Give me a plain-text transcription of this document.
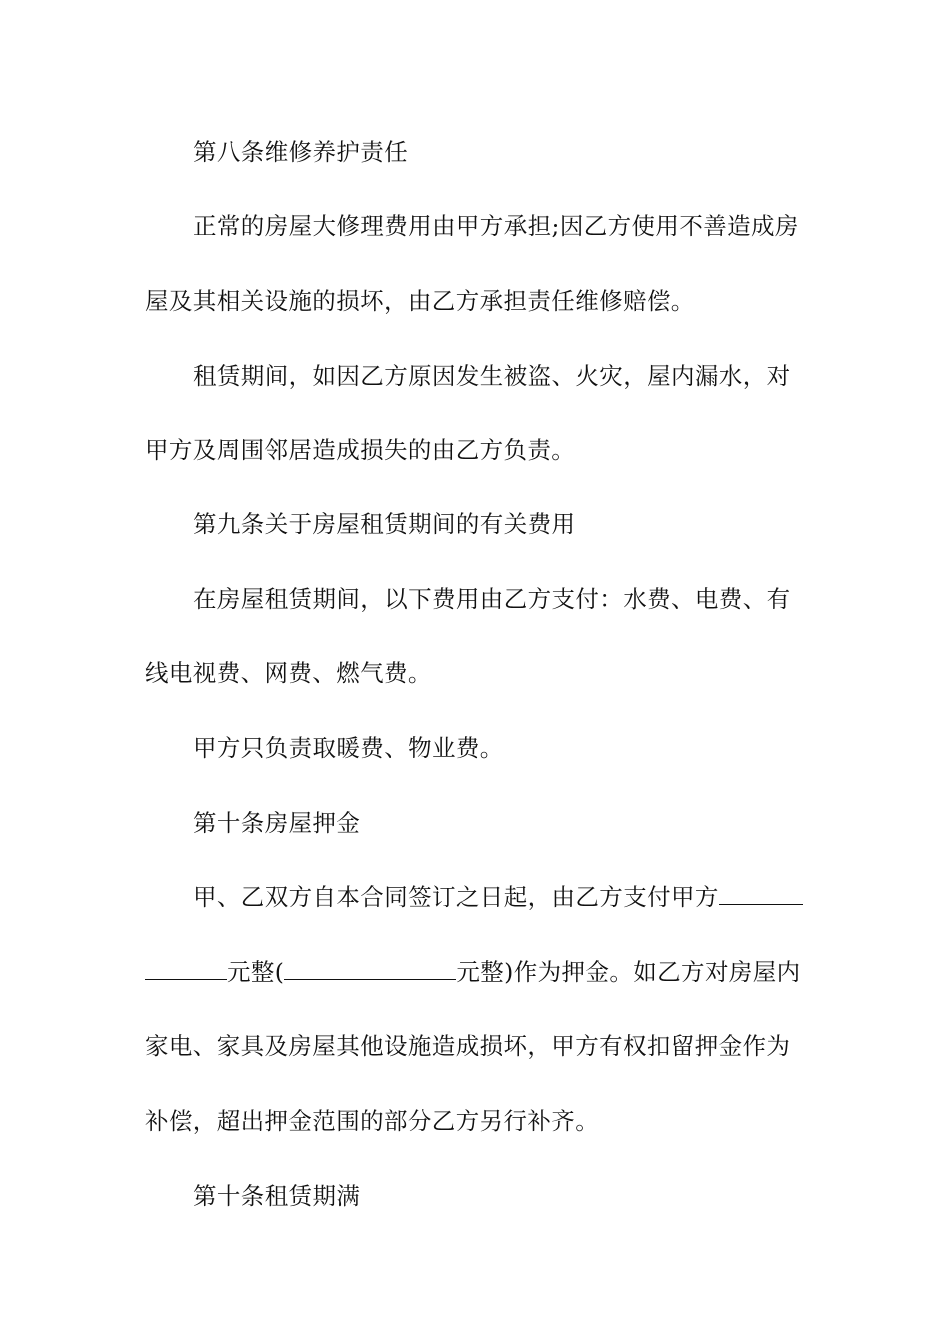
第八条维修养护责任
正常的房屋大修理费用由甲方承担;因乙方使用不善造成房
屋及其相关设施的损坏，由乙方承担责任维修赔偿。
租赁期间，如因乙方原因发生被盗、火灾，屋内漏水，对
甲方及周围邻居造成损失的由乙方负责。
第九条关于房屋租赁期间的有关费用
在房屋租赁期间，以下费用由乙方支付：水费、电费、有
线电视费、网费、燃气费。
甲方只负责取暖费、物业费。
第十条房屋押金
甲、乙双方自本合同签订之日起，由乙方支付甲方
元整(	元整)作为押金。如乙方对房屋内
家电、家具及房屋其他设施造成损坏，甲方有权扣留押金作为
补偿，超出押金范围的部分乙方另行补齐。
第十条租赁期满
